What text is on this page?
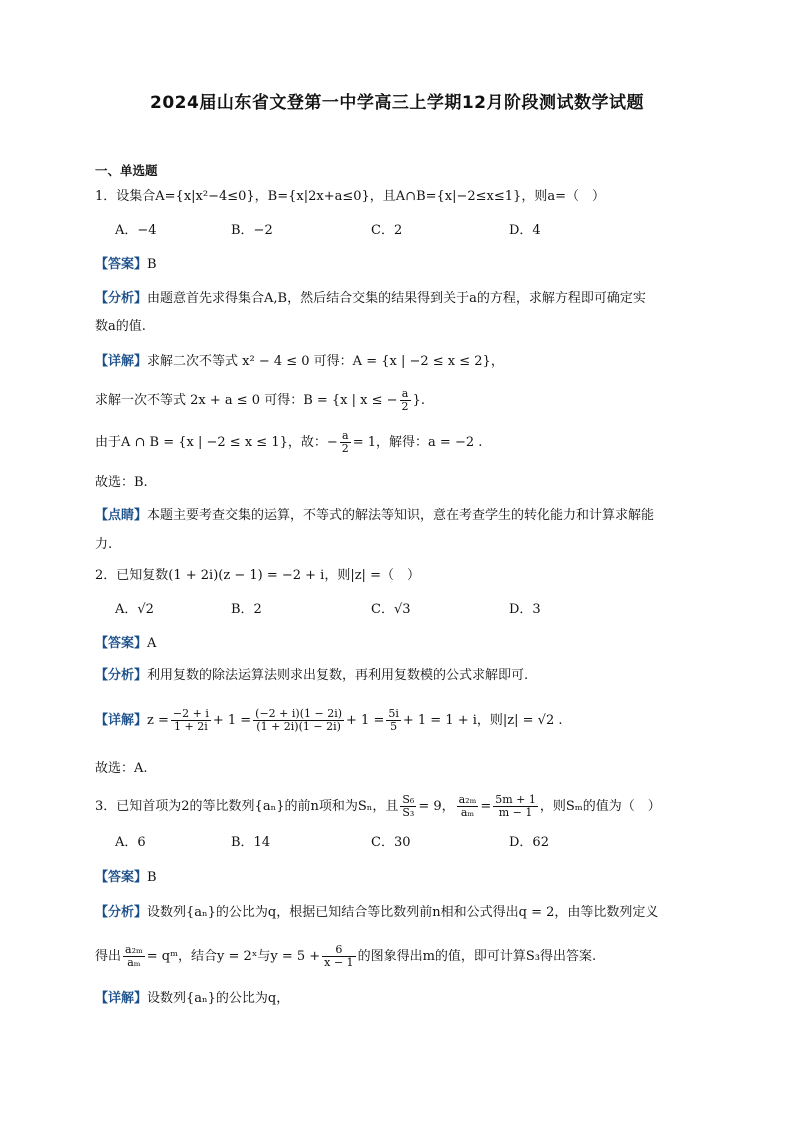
2024届山东省文登第一中学高三上学期12月阶段测试数学试题
一、单选题
1．设集合A={x|x²−4≤0}，B={x|2x+a≤0}，且A∩B={x|−2≤x≤1}，则a=（　）
A．−4	B．−2	C．2	D．4
【答案】B
【分析】由题意首先求得集合A,B，然后结合交集的结果得到关于a的方程，求解方程即可确定实
数a的值.
【详解】求解二次不等式 x² − 4 ≤ 0 可得：A = {x | −2 ≤ x ≤ 2}，
求解一次不等式 2x + a ≤ 0 可得：B = {x | x ≤ − $\frac{a}{2}$ }.
由于A ∩ B = {x | −2 ≤ x ≤ 1}，故：− $\frac{a}{2} = 1$，解得：a = −2 .
故选：B.
【点睛】本题主要考查交集的运算，不等式的解法等知识，意在考查学生的转化能力和计算求解能
力.
2．已知复数(1 + 2i)(z − 1) = −2 + i，则|z| =（　）
A．√2	B．2	C．√3	D．3
【答案】A
【分析】利用复数的除法运算法则求出复数，再利用复数模的公式求解即可.
【详解】$z = \frac{-2 + i}{1 + 2i} + 1 = \frac{(-2 + i)(1 - 2i)}{(1 + 2i)(1 - 2i)} + 1 = \frac{5i}{5} + 1 = 1 + i$，则|z| = √2 .
故选：A.
3．已知首项为2的等比数列{aₙ}的前n项和为Sₙ，且 $\frac{\text{S₆}}{\text{S₃}} = 9$， $\frac{\text{a₂ₘ}}{\text{aₘ}} = \frac{5m + 1}{m - 1}$ ，则Sₘ的值为（　）
A．6	B．14	C．30	D．62
【答案】B
【分析】设数列{aₙ}的公比为q，根据已知结合等比数列前n相和公式得出q = 2，由等比数列定义
得出 $\frac{\text{a₂ₘ}}{\text{aₘ}}$ = qᵐ，结合y = 2ˣ与$y = 5 + \frac{6}{x - 1}$ 的图象得出m的值，即可计算S₃得出答案.
【详解】设数列{aₙ}的公比为q，
